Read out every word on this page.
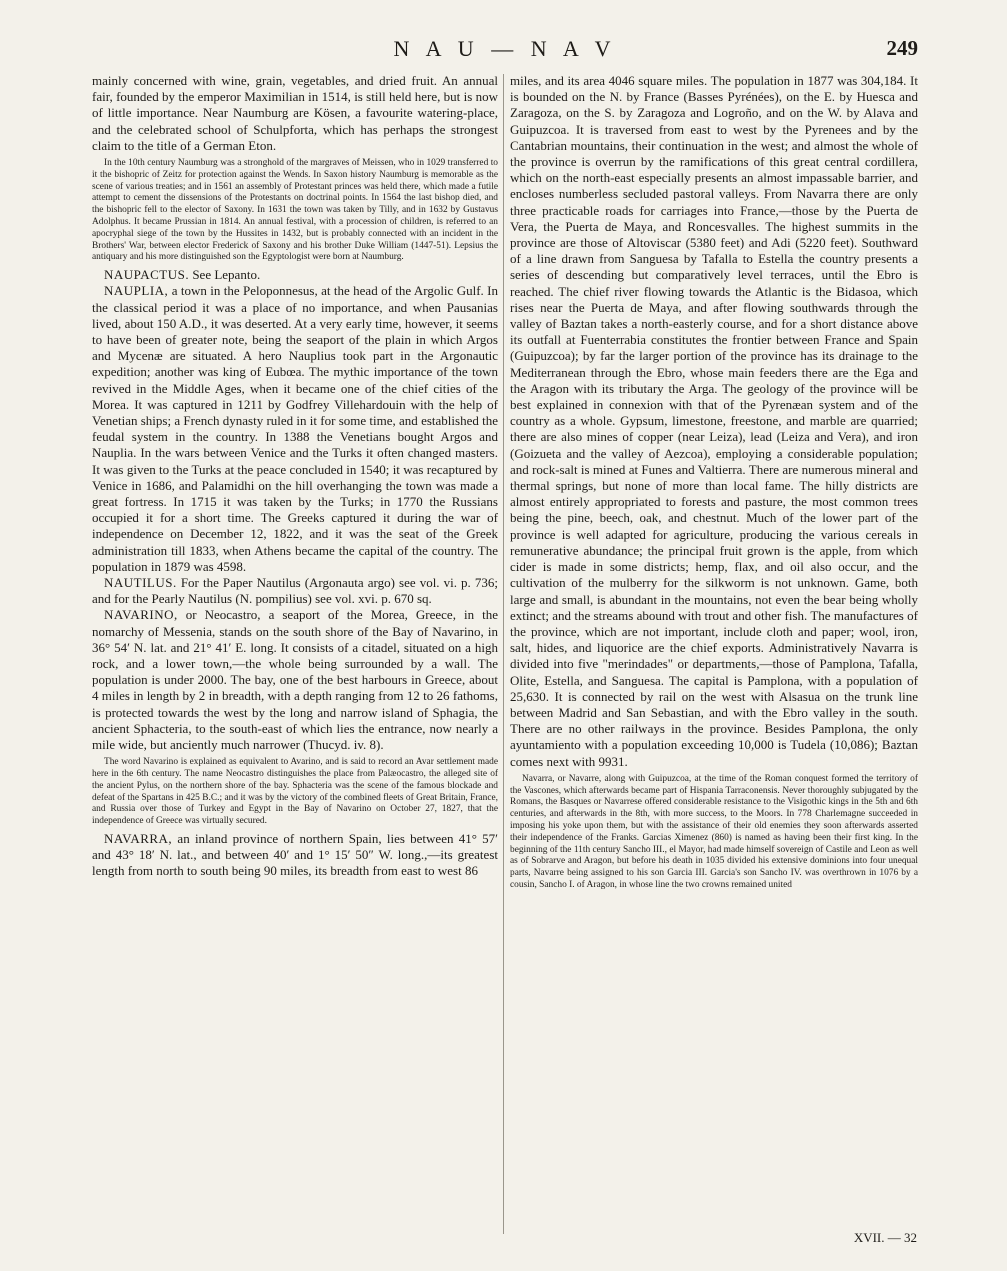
N A U — N A V	249

mainly concerned with wine, grain, vegetables, and dried fruit. An annual fair, founded by the emperor Maximilian in 1514, is still held here, but is now of little importance. Near Naumburg are Kösen, a favourite watering-place, and the celebrated school of Schulpforta, which has perhaps the strongest claim to the title of a German Eton.

In the 10th century Naumburg was a stronghold of the margraves of Meissen, who in 1029 transferred to it the bishopric of Zeitz for protection against the Wends. In Saxon history Naumburg is memorable as the scene of various treaties; and in 1561 an assembly of Protestant princes was held there, which made a futile attempt to cement the dissensions of the Protestants on doctrinal points. In 1564 the last bishop died, and the bishopric fell to the elector of Saxony. In 1631 the town was taken by Tilly, and in 1632 by Gustavus Adolphus. It became Prussian in 1814. An annual festival, with a procession of children, is referred to an apocryphal siege of the town by the Hussites in 1432, but is probably connected with an incident in the Brothers' War, between elector Frederick of Saxony and his brother Duke William (1447-51). Lepsius the antiquary and his more distinguished son the Egyptologist were born at Naumburg.

NAUPACTUS. See Lepanto.

NAUPLIA, a town in the Peloponnesus, at the head of the Argolic Gulf. In the classical period it was a place of no importance, and when Pausanias lived, about 150 A.D., it was deserted. At a very early time, however, it seems to have been of greater note, being the seaport of the plain in which Argos and Mycenæ are situated. A hero Nauplius took part in the Argonautic expedition; another was king of Eubœa. The mythic importance of the town revived in the Middle Ages, when it became one of the chief cities of the Morea. It was captured in 1211 by Godfrey Villehardouin with the help of Venetian ships; a French dynasty ruled in it for some time, and established the feudal system in the country. In 1388 the Venetians bought Argos and Nauplia. In the wars between Venice and the Turks it often changed masters. It was given to the Turks at the peace concluded in 1540; it was recaptured by Venice in 1686, and Palamidhi on the hill overhanging the town was made a great fortress. In 1715 it was taken by the Turks; in 1770 the Russians occupied it for a short time. The Greeks captured it during the war of independence on December 12, 1822, and it was the seat of the Greek administration till 1833, when Athens became the capital of the country. The population in 1879 was 4598.

NAUTILUS. For the Paper Nautilus (Argonauta argo) see vol. vi. p. 736; and for the Pearly Nautilus (N. pompilius) see vol. xvi. p. 670 sq.

NAVARINO, or Neocastro, a seaport of the Morea, Greece, in the nomarchy of Messenia, stands on the south shore of the Bay of Navarino, in 36° 54′ N. lat. and 21° 41′ E. long. It consists of a citadel, situated on a high rock, and a lower town,—the whole being surrounded by a wall. The population is under 2000. The bay, one of the best harbours in Greece, about 4 miles in length by 2 in breadth, with a depth ranging from 12 to 26 fathoms, is protected towards the west by the long and narrow island of Sphagia, the ancient Sphacteria, to the south-east of which lies the entrance, now nearly a mile wide, but anciently much narrower (Thucyd. iv. 8).

The word Navarino is explained as equivalent to Avarino, and is said to record an Avar settlement made here in the 6th century. The name Neocastro distinguishes the place from Palæocastro, the alleged site of the ancient Pylus, on the northern shore of the bay. Sphacteria was the scene of the famous blockade and defeat of the Spartans in 425 B.C.; and it was by the victory of the combined fleets of Great Britain, France, and Russia over those of Turkey and Egypt in the Bay of Navarino on October 27, 1827, that the independence of Greece was virtually secured.

NAVARRA, an inland province of northern Spain, lies between 41° 57′ and 43° 18′ N. lat., and between 40′ and 1° 15′ 50″ W. long.,—its greatest length from north to south being 90 miles, its breadth from east to west 86

miles, and its area 4046 square miles. The population in 1877 was 304,184. It is bounded on the N. by France (Basses Pyrénées), on the E. by Huesca and Zaragoza, on the S. by Zaragoza and Logroño, and on the W. by Alava and Guipuzcoa. It is traversed from east to west by the Pyrenees and by the Cantabrian mountains, their continuation in the west; and almost the whole of the province is overrun by the ramifications of this great central cordillera, which on the north-east especially presents an almost impassable barrier, and encloses numberless secluded pastoral valleys. From Navarra there are only three practicable roads for carriages into France,—those by the Puerta de Vera, the Puerta de Maya, and Roncesvalles. The highest summits in the province are those of Altoviscar (5380 feet) and Adi (5220 feet). Southward of a line drawn from Sanguesa by Tafalla to Estella the country presents a series of descending but comparatively level terraces, until the Ebro is reached. The chief river flowing towards the Atlantic is the Bidasoa, which rises near the Puerta de Maya, and after flowing southwards through the valley of Baztan takes a north-easterly course, and for a short distance above its outfall at Fuenterrabia constitutes the frontier between France and Spain (Guipuzcoa); by far the larger portion of the province has its drainage to the Mediterranean through the Ebro, whose main feeders there are the Ega and the Aragon with its tributary the Arga. The geology of the province will be best explained in connexion with that of the Pyrenæan system and of the country as a whole. Gypsum, limestone, freestone, and marble are quarried; there are also mines of copper (near Leiza), lead (Leiza and Vera), and iron (Goizueta and the valley of Aezcoa), employing a considerable population; and rock-salt is mined at Funes and Valtierra. There are numerous mineral and thermal springs, but none of more than local fame. The hilly districts are almost entirely appropriated to forests and pasture, the most common trees being the pine, beech, oak, and chestnut. Much of the lower part of the province is well adapted for agriculture, producing the various cereals in remunerative abundance; the principal fruit grown is the apple, from which cider is made in some districts; hemp, flax, and oil also occur, and the cultivation of the mulberry for the silkworm is not unknown. Game, both large and small, is abundant in the mountains, not even the bear being wholly extinct; and the streams abound with trout and other fish. The manufactures of the province, which are not important, include cloth and paper; wool, iron, salt, hides, and liquorice are the chief exports. Administratively Navarra is divided into five "merindades" or departments,—those of Pamplona, Tafalla, Olite, Estella, and Sanguesa. The capital is Pamplona, with a population of 25,630. It is connected by rail on the west with Alsasua on the trunk line between Madrid and San Sebastian, and with the Ebro valley in the south. There are no other railways in the province. Besides Pamplona, the only ayuntamiento with a population exceeding 10,000 is Tudela (10,086); Baztan comes next with 9931.

Navarra, or Navarre, along with Guipuzcoa, at the time of the Roman conquest formed the territory of the Vascones, which afterwards became part of Hispania Tarraconensis. Never thoroughly subjugated by the Romans, the Basques or Navarrese offered considerable resistance to the Visigothic kings in the 5th and 6th centuries, and afterwards in the 8th, with more success, to the Moors. In 778 Charlemagne succeeded in imposing his yoke upon them, but with the assistance of their old enemies they soon afterwards asserted their independence of the Franks. Garcias Ximenez (860) is named as having been their first king. In the beginning of the 11th century Sancho III., el Mayor, had made himself sovereign of Castile and Leon as well as of Sobrarve and Aragon, but before his death in 1035 divided his extensive dominions into four unequal parts, Navarre being assigned to his son Garcia III. Garcia's son Sancho IV. was overthrown in 1076 by a cousin, Sancho I. of Aragon, in whose line the two crowns remained united

XVII. — 32
